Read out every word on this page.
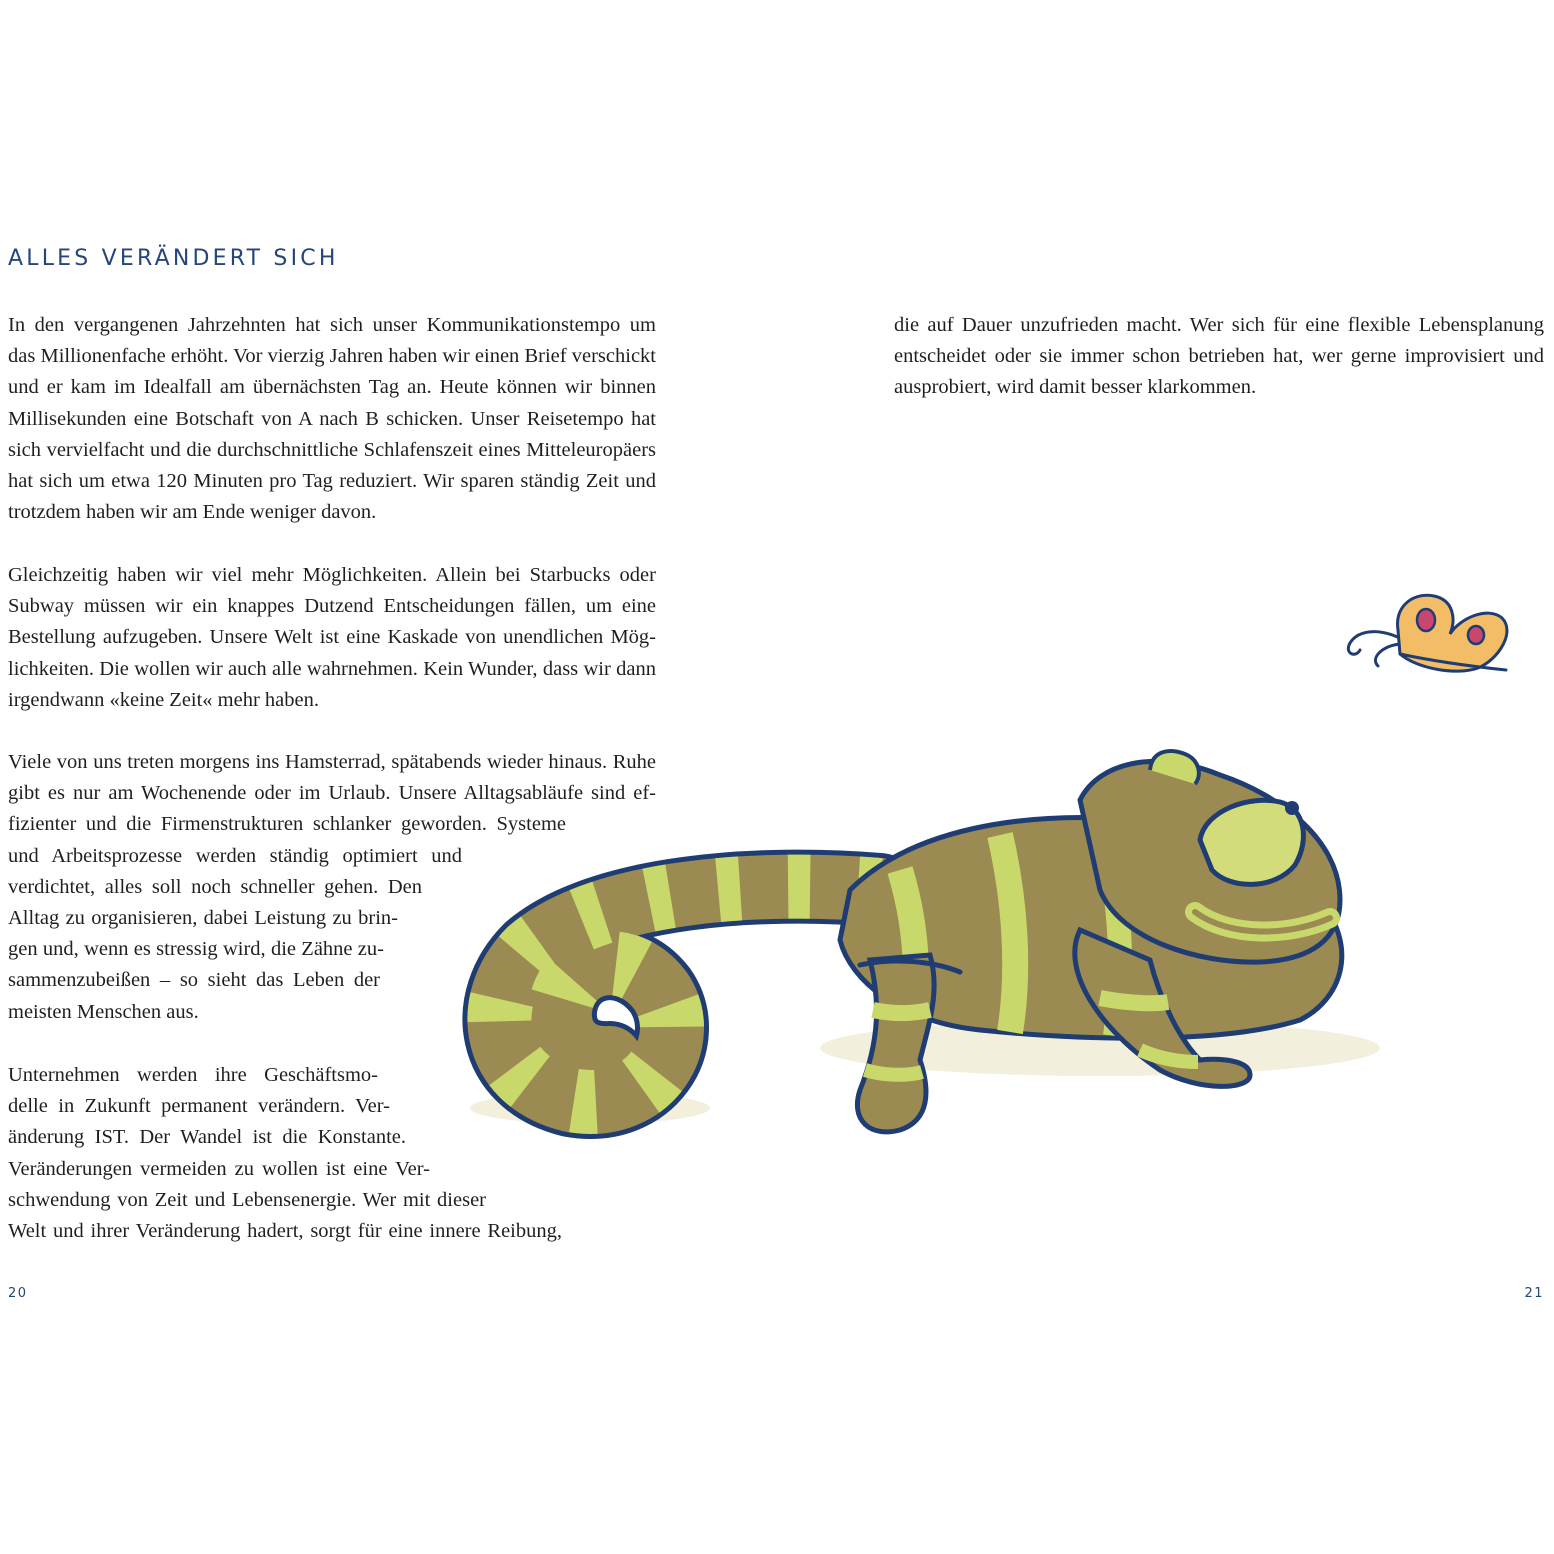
ALLES VERÄNDERT SICH
In den vergangenen Jahrzehnten hat sich unser Kommunikationstempo um
das Millionenfache erhöht. Vor vierzig Jahren haben wir einen Brief verschickt
und er kam im Idealfall am übernächsten Tag an. Heute können wir binnen
Millisekunden eine Botschaft von A nach B schicken. Unser Reisetempo hat
sich vervielfacht und die durchschnittliche Schlafenszeit eines Mitteleuropäers
hat sich um etwa 120 Minuten pro Tag reduziert. Wir sparen ständig Zeit und
trotzdem haben wir am Ende weniger davon.
Gleichzeitig haben wir viel mehr Möglichkeiten. Allein bei Starbucks oder
Subway müssen wir ein knappes Dutzend Entscheidungen fällen, um eine
Bestellung aufzugeben. Unsere Welt ist eine Kaskade von unendlichen Mög-
lichkeiten. Die wollen wir auch alle wahrnehmen. Kein Wunder, dass wir dann
irgendwann «keine Zeit« mehr haben.
Viele von uns treten morgens ins Hamsterrad, spätabends wieder hinaus. Ruhe
gibt es nur am Wochenende oder im Urlaub. Unsere Alltagsabläufe sind ef-
fizienter und die Firmenstrukturen schlanker geworden. Systeme
und Arbeitsprozesse werden ständig optimiert und
verdichtet, alles soll noch schneller gehen. Den
Alltag zu organisieren, dabei Leistung zu brin-
gen und, wenn es stressig wird, die Zähne zu-
sammenzubeißen – so sieht das Leben der
meisten Menschen aus.
Unternehmen werden ihre Geschäftsmo-
delle in Zukunft permanent verändern. Ver-
änderung IST. Der Wandel ist die Konstante.
Veränderungen vermeiden zu wollen ist eine Ver-
schwendung von Zeit und Lebensenergie. Wer mit dieser
Welt und ihrer Veränderung hadert, sorgt für eine innere Reibung,
die auf Dauer unzufrieden macht. Wer sich für eine flexible Lebensplanung
entscheidet oder sie immer schon betrieben hat, wer gerne improvisiert und
ausprobiert, wird damit besser klarkommen.
20	21
